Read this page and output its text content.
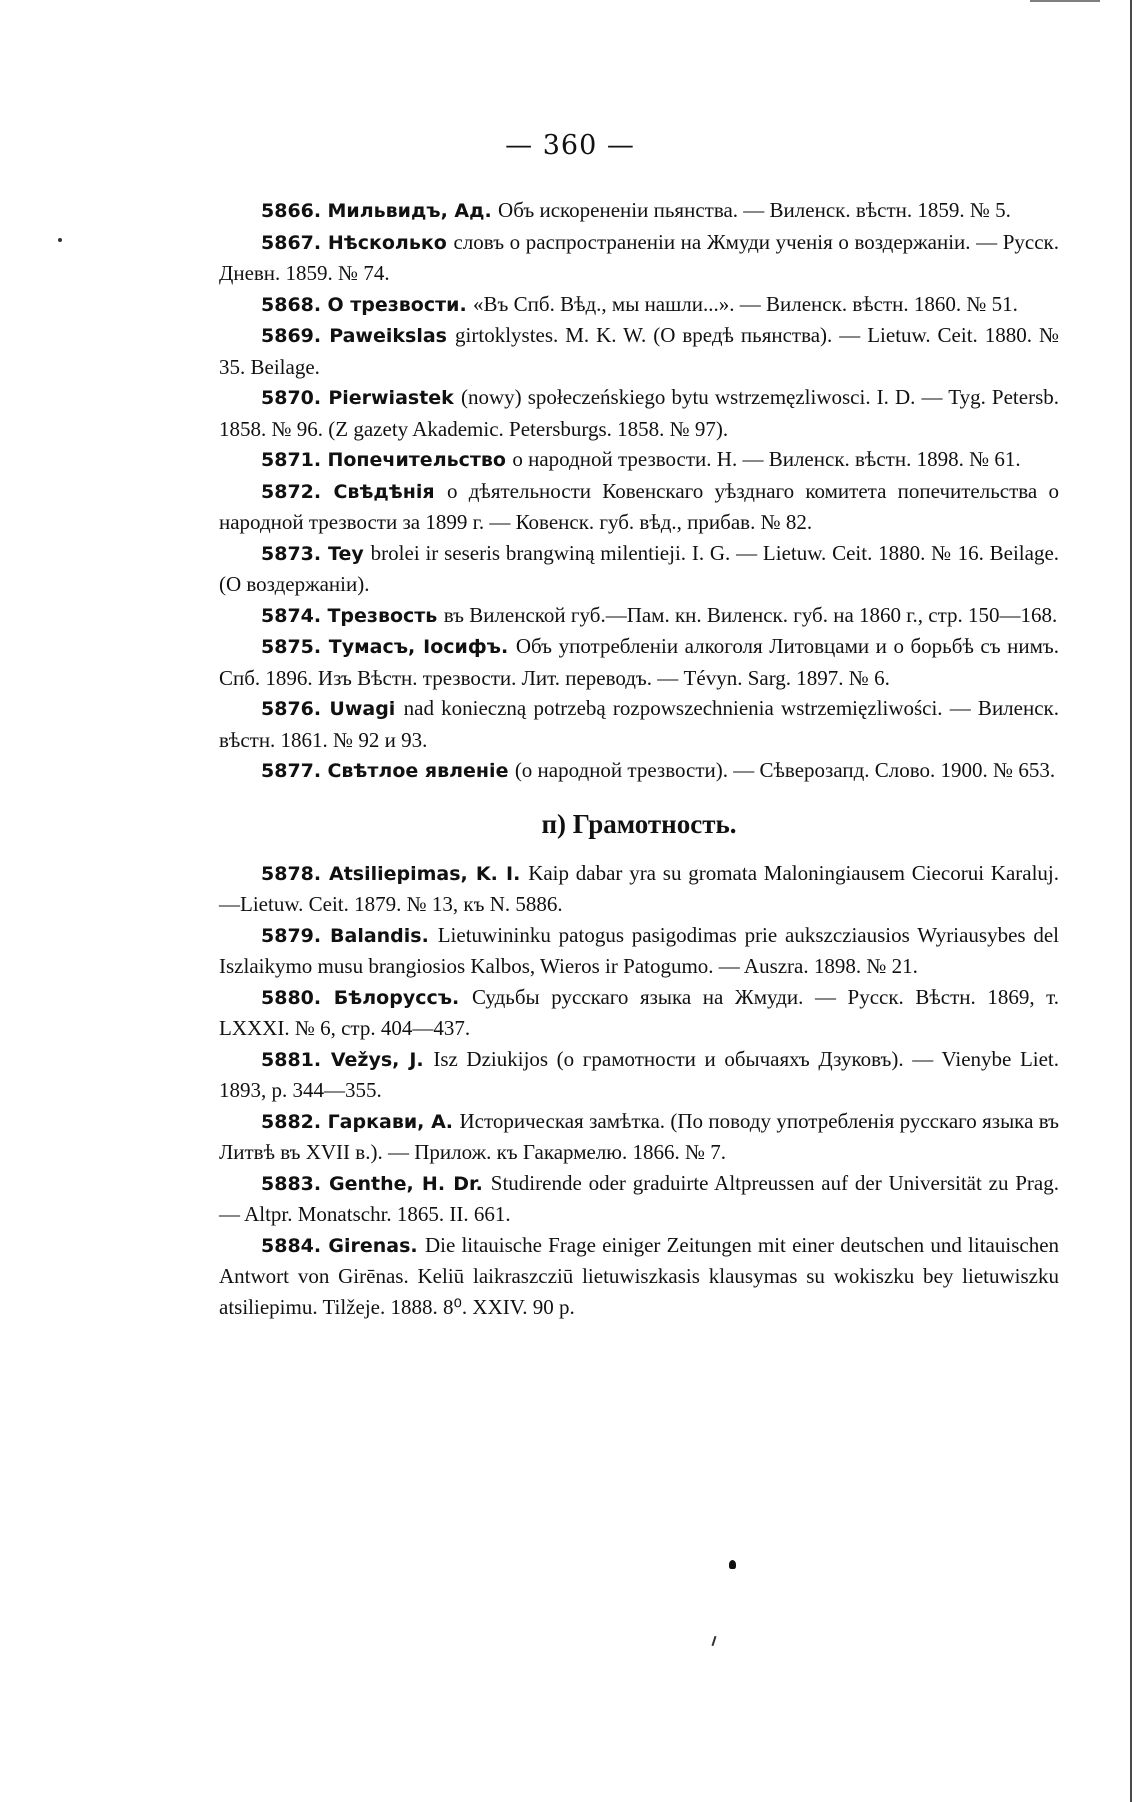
— 360 —

5866. Мильвидъ, Ад. Объ искорененіи пьянства. — Виленск. вѣстн. 1859. № 5.

5867. Нѣсколько словъ о распространеніи на Жмуди ученія о воздержаніи. — Русск. Дневн. 1859. № 74.

5868. О трезвости. «Въ Спб. Вѣд., мы нашли...». — Виленск. вѣстн. 1860. № 51.

5869. Paweikslas girtoklystes. M. K. W. (О вредѣ пьянства). — Lietuw. Ceit. 1880. № 35. Beilage.

5870. Pierwiastek (nowy) społeczeńskiego bytu wstrzemęzliwosci. I. D. — Tyg. Petersb. 1858. № 96. (Z gazety Akademic. Petersburgs. 1858. № 97).

5871. Попечительство о народной трезвости. Н. — Виленск. вѣстн. 1898. № 61.

5872. Свѣдѣнія о дѣятельности Ковенскаго уѣзднаго комитета попечительства о народной трезвости за 1899 г. — Ковенск. губ. вѣд., прибав. № 82.

5873. Tey brolei ir seseris brangwiną milentieji. I. G. — Lietuw. Ceit. 1880. № 16. Beilage. (О воздержаніи).

5874. Трезвость въ Виленской губ.—Пам. кн. Виленск. губ. на 1860 г., стр. 150—168.

5875. Тумасъ, Іосифъ. Объ употребленіи алкоголя Литовцами и о борьбѣ съ нимъ. Спб. 1896. Изъ Вѣстн. трезвости. Лит. переводъ. — Tévyn. Sarg. 1897. № 6.

5876. Uwagi nad konieczną potrzebą rozpowszechnienia wstrzemięzliwości. — Виленск. вѣстн. 1861. № 92 и 93.

5877. Свѣтлое явленіе (о народной трезвости). — Сѣверозапд. Слово. 1900. № 653.

п) Грамотность.

5878. Atsiliepimas, K. I. Kaip dabar yra su gromata Maloningiausem Ciecorui Karaluj.—Lietuw. Ceit. 1879. № 13, къ N. 5886.

5879. Balandis. Lietuwininku patogus pasigodimas prie aukszcziausios Wyriausybes del Iszlaikymo musu brangiosios Kalbos, Wieros ir Patogumo. — Auszra. 1898. № 21.

5880. Бѣлоруссъ. Судьбы русскаго языка на Жмуди. — Русск. Вѣстн. 1869, т. LXXXI. № 6, стр. 404—437.

5881. Vežys, J. Isz Dziukijos (о грамотности и обычаяхъ Дзуковъ). — Vienybe Liet. 1893, p. 344—355.

5882. Гаркави, А. Историческая замѣтка. (По поводу употребленія русскаго языка въ Литвѣ въ XVII в.). — Прилож. къ Гакармелю. 1866. № 7.

5883. Genthe, H. Dr. Studirende oder graduirte Altpreussen auf der Universität zu Prag. — Altpr. Monatschr. 1865. II. 661.

5884. Girenas. Die litauische Frage einiger Zeitungen mit einer deutschen und litauischen Antwort von Girēnas. Keliū laikraszcziū lietuwiszkasis klausymas su wokiszku bey lietuwiszku atsiliepimu. Tilžeje. 1888. 8⁰. XXIV. 90 p.
